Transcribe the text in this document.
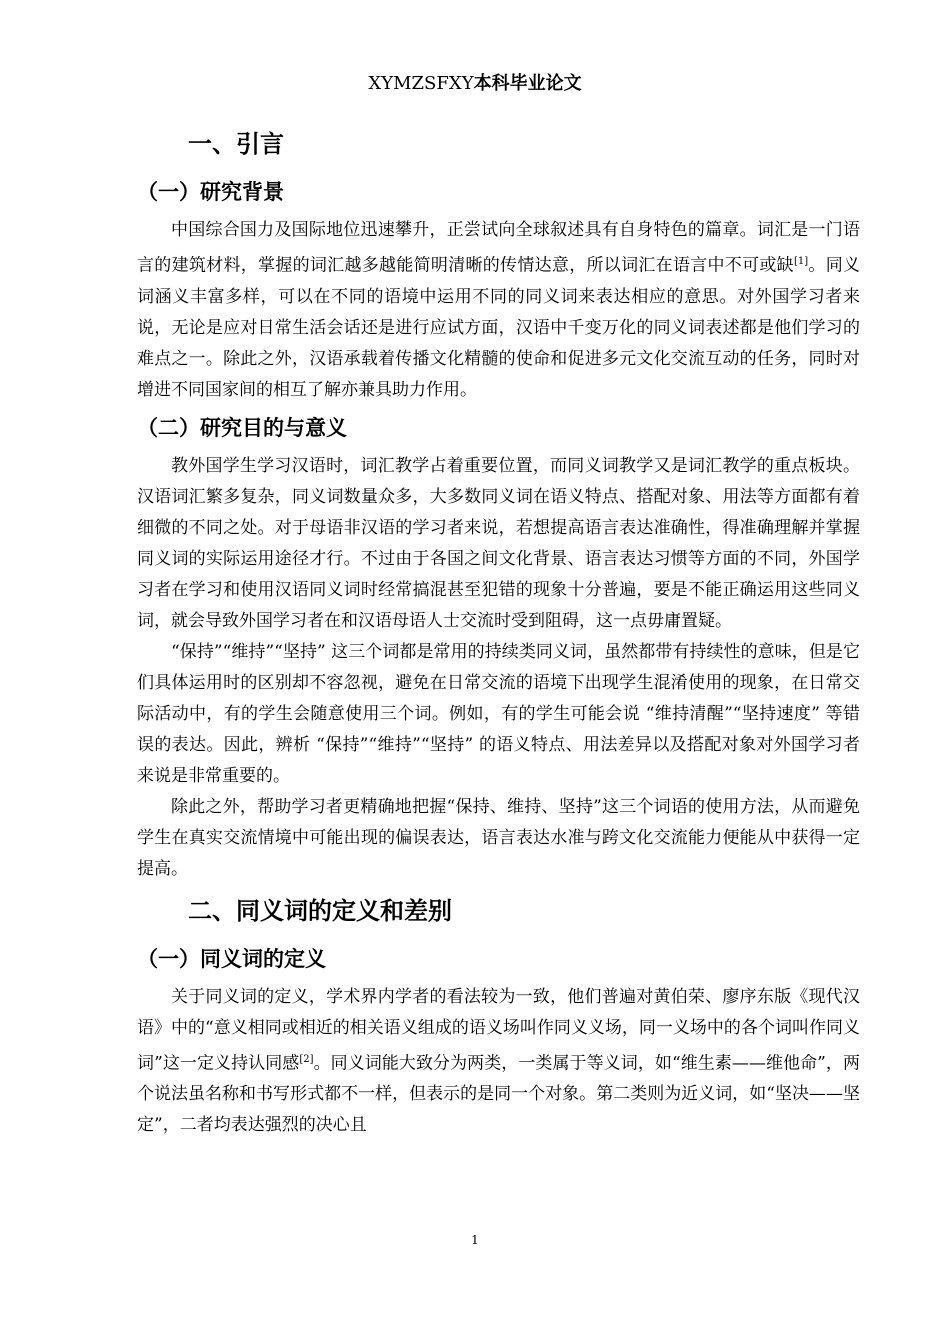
XYMZSFXY本科毕业论文
一、引言
（一）研究背景

中国综合国力及国际地位迅速攀升，正尝试向全球叙述具有自身特色的篇章。词汇是一门语言的建筑材料，掌握的词汇越多越能简明清晰的传情达意，所以词汇在语言中不可或缺[1]。同义词涵义丰富多样，可以在不同的语境中运用不同的同义词来表达相应的意思。对外国学习者来说，无论是应对日常生活会话还是进行应试方面，汉语中千变万化的同义词表述都是他们学习的难点之一。除此之外，汉语承载着传播文化精髓的使命和促进多元文化交流互动的任务，同时对增进不同国家间的相互了解亦兼具助力作用。

（二）研究目的与意义

教外国学生学习汉语时，词汇教学占着重要位置，而同义词教学又是词汇教学的重点板块。汉语词汇繁多复杂，同义词数量众多，大多数同义词在语义特点、搭配对象、用法等方面都有着细微的不同之处。对于母语非汉语的学习者来说，若想提高语言表达准确性，得准确理解并掌握同义词的实际运用途径才行。不过由于各国之间文化背景、语言表达习惯等方面的不同，外国学习者在学习和使用汉语同义词时经常搞混甚至犯错的现象十分普遍，要是不能正确运用这些同义词，就会导致外国学习者在和汉语母语人士交流时受到阻碍，这一点毋庸置疑。

“保持”“维持”“坚持” 这三个词都是常用的持续类同义词，虽然都带有持续性的意味，但是它们具体运用时的区别却不容忽视，避免在日常交流的语境下出现学生混淆使用的现象，在日常交际活动中，有的学生会随意使用三个词。例如，有的学生可能会说 “维持清醒”“坚持速度” 等错误的表达。因此，辨析 “保持”“维持”“坚持” 的语义特点、用法差异以及搭配对象对外国学习者来说是非常重要的。

除此之外，帮助学习者更精确地把握“保持、维持、坚持”这三个词语的使用方法，从而避免学生在真实交流情境中可能出现的偏误表达，语言表达水准与跨文化交流能力便能从中获得一定提高。

二、同义词的定义和差别
（一）同义词的定义

关于同义词的定义，学术界内学者的看法较为一致，他们普遍对黄伯荣、廖序东版《现代汉语》中的“意义相同或相近的相关语义组成的语义场叫作同义义场，同一义场中的各个词叫作同义词”这一定义持认同感[2]。同义词能大致分为两类，一类属于等义词，如“维生素——维他命”，两个说法虽名称和书写形式都不一样，但表示的是同一个对象。第二类则为近义词，如“坚决——坚定”，二者均表达强烈的决心且

1
